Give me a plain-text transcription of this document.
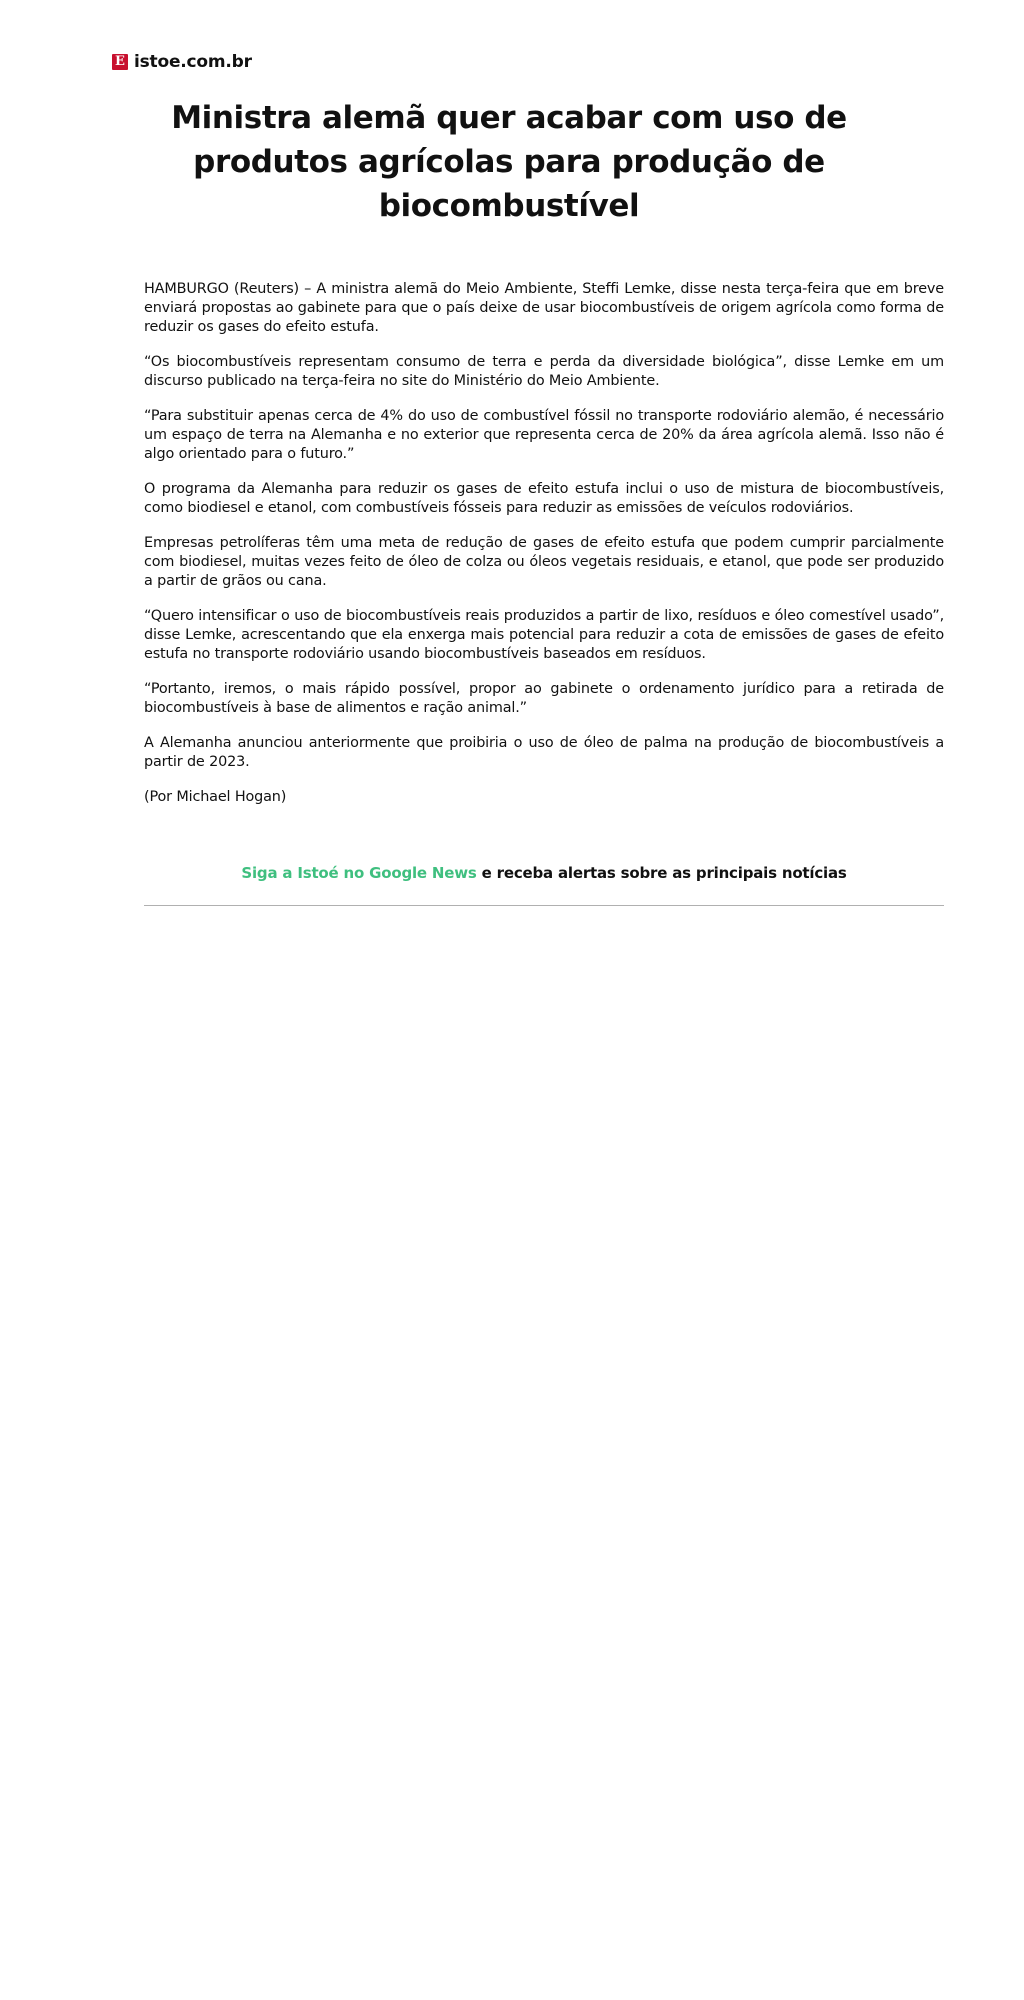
E istoe.com.br
Ministra alemã quer acabar com uso de produtos agrícolas para produção de biocombustível

HAMBURGO (Reuters) – A ministra alemã do Meio Ambiente, Steffi Lemke, disse nesta terça-feira que em breve enviará propostas ao gabinete para que o país deixe de usar biocombustíveis de origem agrícola como forma de reduzir os gases do efeito estufa.

“Os biocombustíveis representam consumo de terra e perda da diversidade biológica”, disse Lemke em um discurso publicado na terça-feira no site do Ministério do Meio Ambiente.

“Para substituir apenas cerca de 4% do uso de combustível fóssil no transporte rodoviário alemão, é necessário um espaço de terra na Alemanha e no exterior que representa cerca de 20% da área agrícola alemã. Isso não é algo orientado para o futuro.”

O programa da Alemanha para reduzir os gases de efeito estufa inclui o uso de mistura de biocombustíveis, como biodiesel e etanol, com combustíveis fósseis para reduzir as emissões de veículos rodoviários.

Empresas petrolíferas têm uma meta de redução de gases de efeito estufa que podem cumprir parcialmente com biodiesel, muitas vezes feito de óleo de colza ou óleos vegetais residuais, e etanol, que pode ser produzido a partir de grãos ou cana.

“Quero intensificar o uso de biocombustíveis reais produzidos a partir de lixo, resíduos e óleo comestível usado”, disse Lemke, acrescentando que ela enxerga mais potencial para reduzir a cota de emissões de gases de efeito estufa no transporte rodoviário usando biocombustíveis baseados em resíduos.

“Portanto, iremos, o mais rápido possível, propor ao gabinete o ordenamento jurídico para a retirada de biocombustíveis à base de alimentos e ração animal.”

A Alemanha anunciou anteriormente que proibiria o uso de óleo de palma na produção de biocombustíveis a partir de 2023.

(Por Michael Hogan)

Siga a Istoé no Google News e receba alertas sobre as principais notícias
